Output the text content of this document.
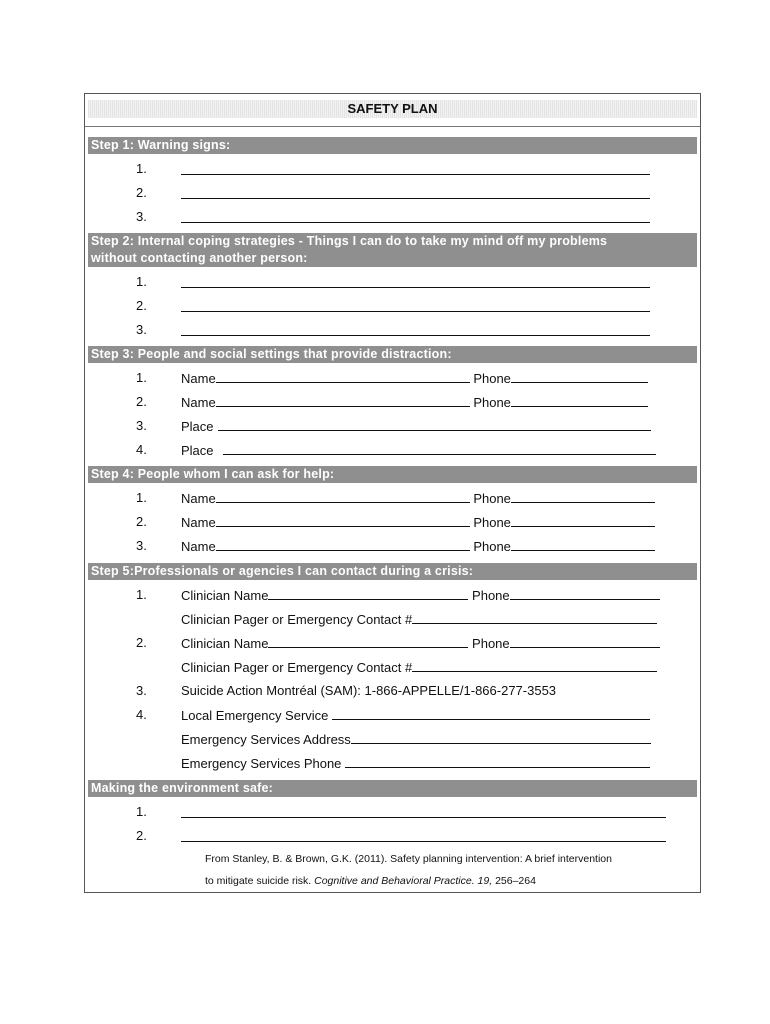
SAFETY PLAN
Step 1: Warning signs:
1.
2.
3.
Step 2: Internal coping strategies - Things I can do to take my mind off my problems
without contacting another person:
1.
2.
3.
Step 3: People and social settings that provide distraction:
1.	Name	Phone
2.	Name	Phone
3.	Place
4.	Place
Step 4: People whom I can ask for help:
1.	Name	Phone
2.	Name	Phone
3.	Name	Phone
Step 5:Professionals or agencies I can contact during a crisis:
1.	Clinician Name	Phone
Clinician Pager or Emergency Contact #
2.	Clinician Name	Phone
Clinician Pager or Emergency Contact #
3.	Suicide Action Montréal (SAM): 1-866-APPELLE/1-866-277-3553
4.	Local Emergency Service
Emergency Services Address
Emergency Services Phone
Making the environment safe:
1.
2.
From Stanley, B. & Brown, G.K. (2011). Safety planning intervention: A brief intervention
to mitigate suicide risk. Cognitive and Behavioral Practice. 19, 256–264
